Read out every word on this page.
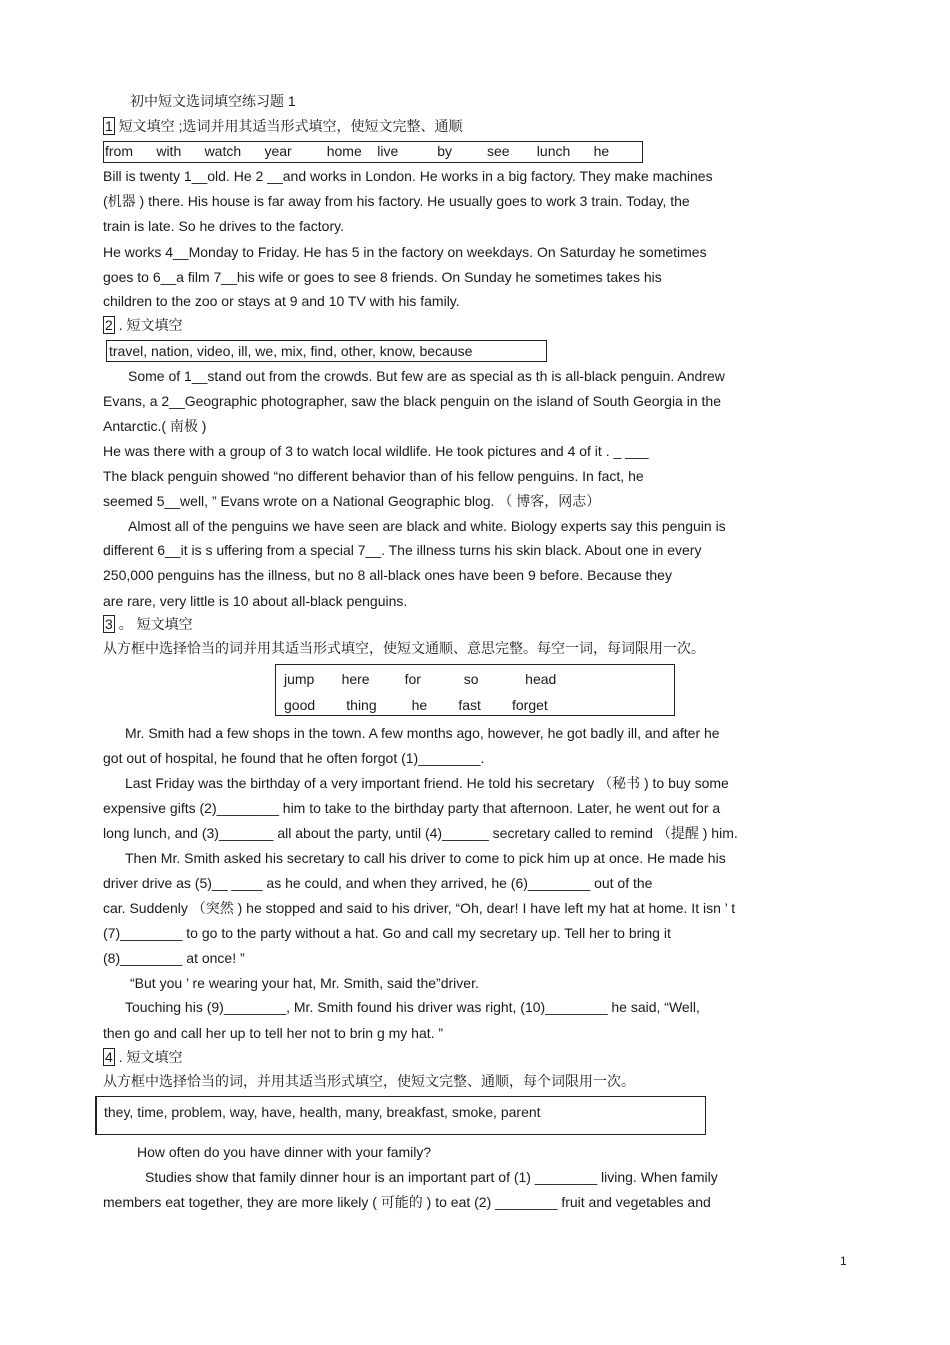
初中短文选词填空练习题 1
1 短文填空 ;选词并用其适当形式填空，使短文完整、通顺
from      with      watch      year         home    live          by         see       lunch      he
Bill is twenty 1__old. He 2 __and works in London. He works in a big factory. They make machines
(机器 ) there. His house is far away from his factory. He usually goes to work 3 train. Today, the
train is late. So he drives to the factory.
He works 4__Monday to Friday. He has 5 in the factory on weekdays. On Saturday he sometimes
goes to 6__a film 7__his wife or goes to see 8 friends. On Sunday he sometimes takes his
children to the zoo or stays at 9 and 10 TV with his family.
2 . 短文填空
travel, nation, video, ill, we, mix, find, other, know, because
Some of 1__stand out from the crowds. But few are as special as th is all-black penguin. Andrew
Evans, a 2__Geographic photographer, saw the black penguin on the island of South Georgia in the
Antarctic.( 南极 )
He was there with a group of 3 to watch local wildlife. He took pictures and 4 of it . _ ___
The black penguin showed “no different behavior than of his fellow penguins. In fact, he
seemed 5__well, ” Evans wrote on a National Geographic blog. （ 博客，网志）
Almost all of the penguins we have seen are black and white. Biology experts say this penguin is
different 6__it is s uffering from a special 7__. The illness turns his skin black. About one in every
250,000 penguins has the illness, but no 8 all-black ones have been 9 before. Because they
are rare, very little is 10 about all-black penguins.
3 。 短文填空
从方框中选择恰当的词并用其适当形式填空，使短文通顺、意思完整。每空一词，每词限用一次。
jump       here         for           so            head
good        thing         he        fast        forget
Mr. Smith had a few shops in the town. A few months ago, however, he got badly ill, and after he
got out of hospital, he found that he often forgot (1)________.
Last Friday was the birthday of a very important friend. He told his secretary （秘书 ) to buy some
expensive gifts (2)________ him to take to the birthday party that afternoon. Later, he went out for a
long lunch, and (3)_______ all about the party, until (4)______ secretary called to remind （提醒 ) him.
Then Mr. Smith asked his secretary to call his driver to come to pick him up at once. He made his
driver drive as (5)__ ____ as he could, and when they arrived, he (6)________ out of the
car. Suddenly （突然 ) he stopped and said to his driver, “Oh, dear! I have left my hat at home. It isn ’ t
(7)________ to go to the party without a hat. Go and call my secretary up. Tell her to bring it
(8)________ at once! ”
“But you ’ re wearing your hat, Mr. Smith, said the”driver.
Touching his (9)________, Mr. Smith found his driver was right, (10)________ he said, “Well,
then go and call her up to tell her not to brin g my hat. ”
4 . 短文填空
从方框中选择恰当的词，并用其适当形式填空，使短文完整、通顺，每个词限用一次。
they, time, problem, way, have, health, many, breakfast, smoke, parent
How often do you have dinner with your family?
Studies show that family dinner hour is an important part of (1) ________ living. When family
members eat together, they are more likely ( 可能的 ) to eat (2) ________ fruit and vegetables and
1
